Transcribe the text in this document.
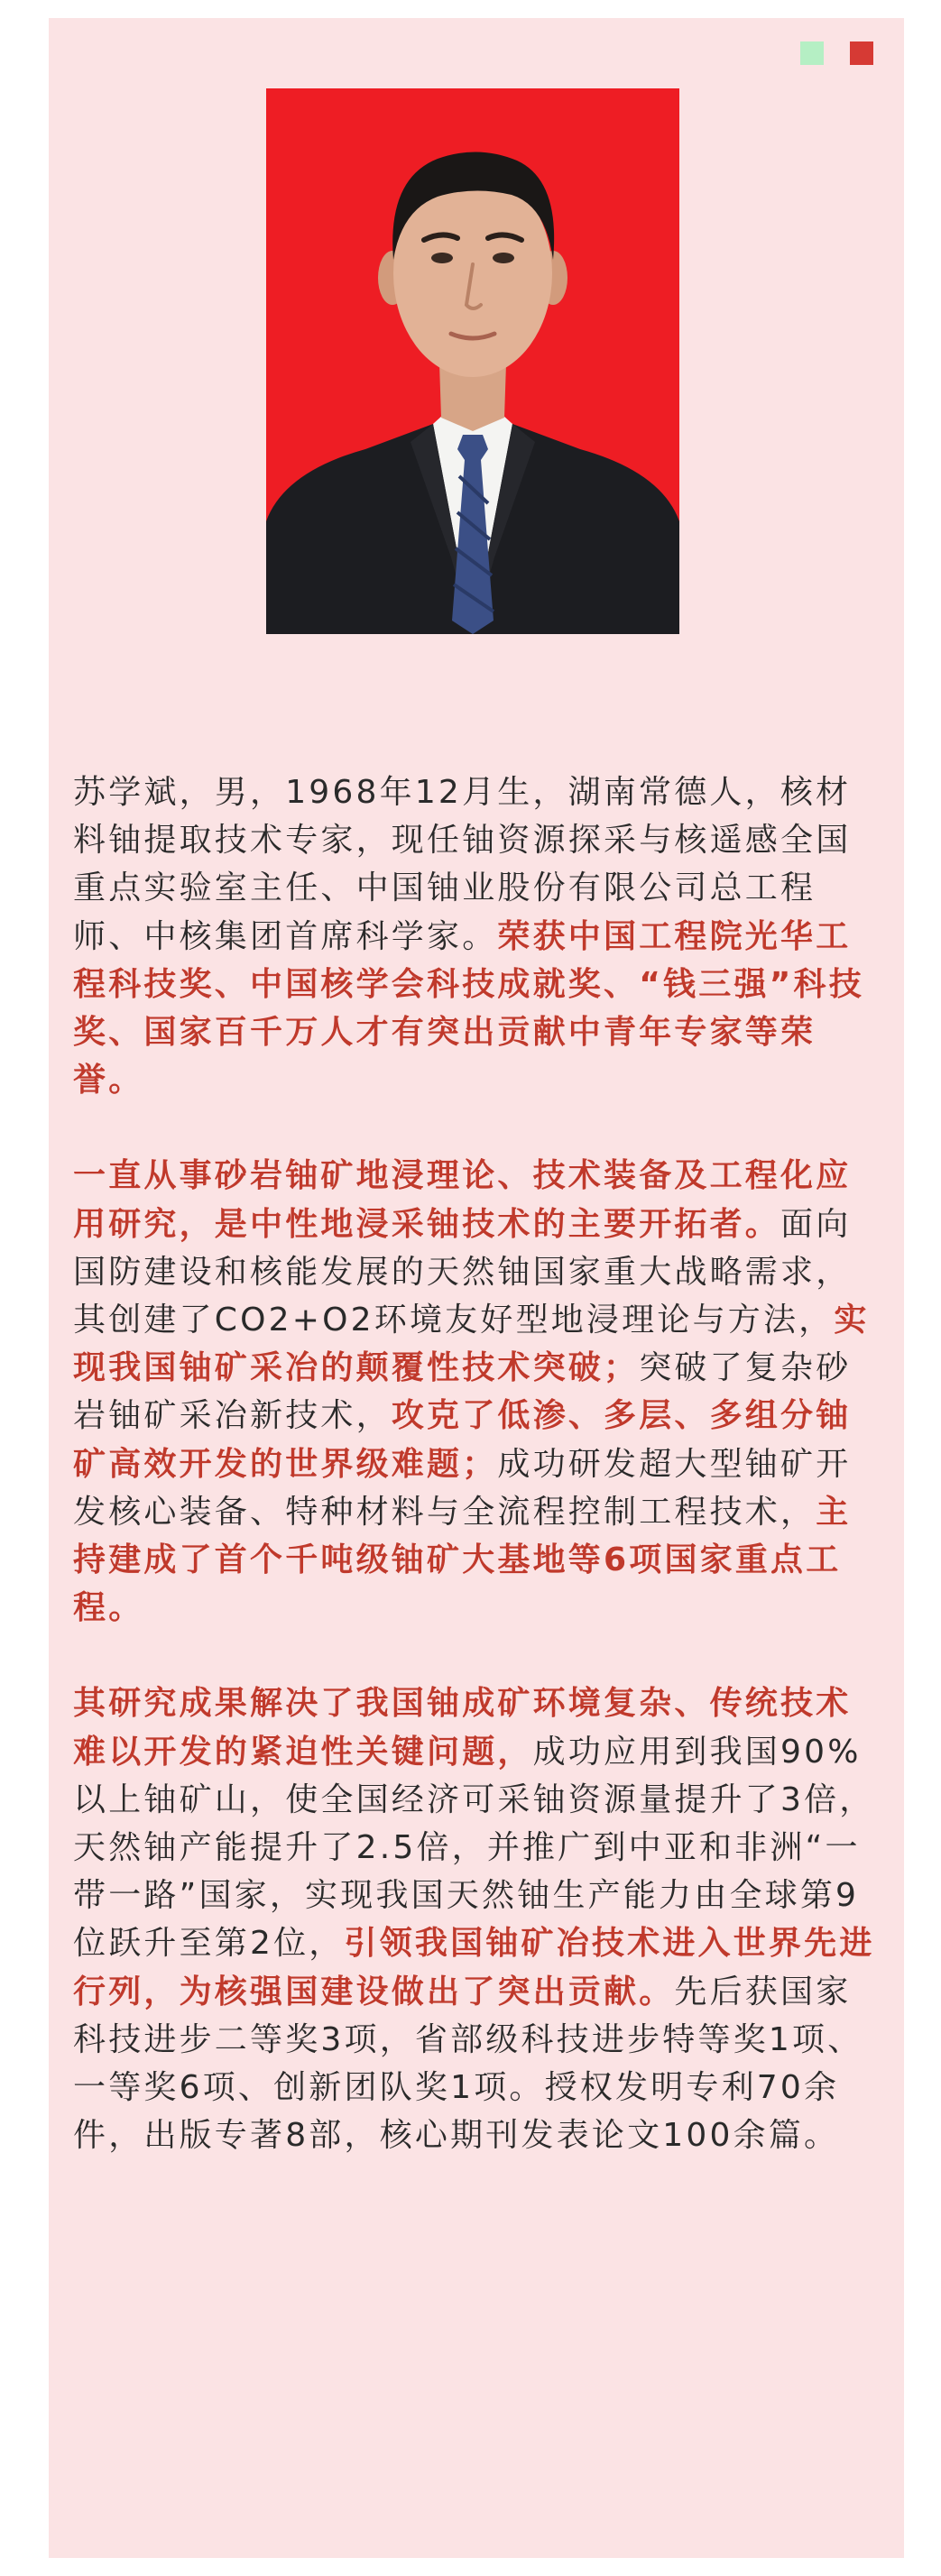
苏学斌，男，1968年12月生，湖南常德人，核材料铀提取技术专家，现任铀资源探采与核遥感全国重点实验室主任、中国铀业股份有限公司总工程师、中核集团首席科学家。荣获中国工程院光华工程科技奖、中国核学会科技成就奖、“钱三强”科技奖、国家百千万人才有突出贡献中青年专家等荣誉。

一直从事砂岩铀矿地浸理论、技术装备及工程化应用研究，是中性地浸采铀技术的主要开拓者。面向国防建设和核能发展的天然铀国家重大战略需求，其创建了CO2+O2环境友好型地浸理论与方法，实现我国铀矿采冶的颠覆性技术突破；突破了复杂砂岩铀矿采冶新技术，攻克了低渗、多层、多组分铀矿高效开发的世界级难题；成功研发超大型铀矿开发核心装备、特种材料与全流程控制工程技术，主持建成了首个千吨级铀矿大基地等6项国家重点工程。

其研究成果解决了我国铀成矿环境复杂、传统技术难以开发的紧迫性关键问题，成功应用到我国90%以上铀矿山，使全国经济可采铀资源量提升了3倍，天然铀产能提升了2.5倍，并推广到中亚和非洲“一带一路”国家，实现我国天然铀生产能力由全球第9位跃升至第2位，引领我国铀矿冶技术进入世界先进行列，为核强国建设做出了突出贡献。先后获国家科技进步二等奖3项，省部级科技进步特等奖1项、一等奖6项、创新团队奖1项。授权发明专利70余件，出版专著8部，核心期刊发表论文100余篇。
